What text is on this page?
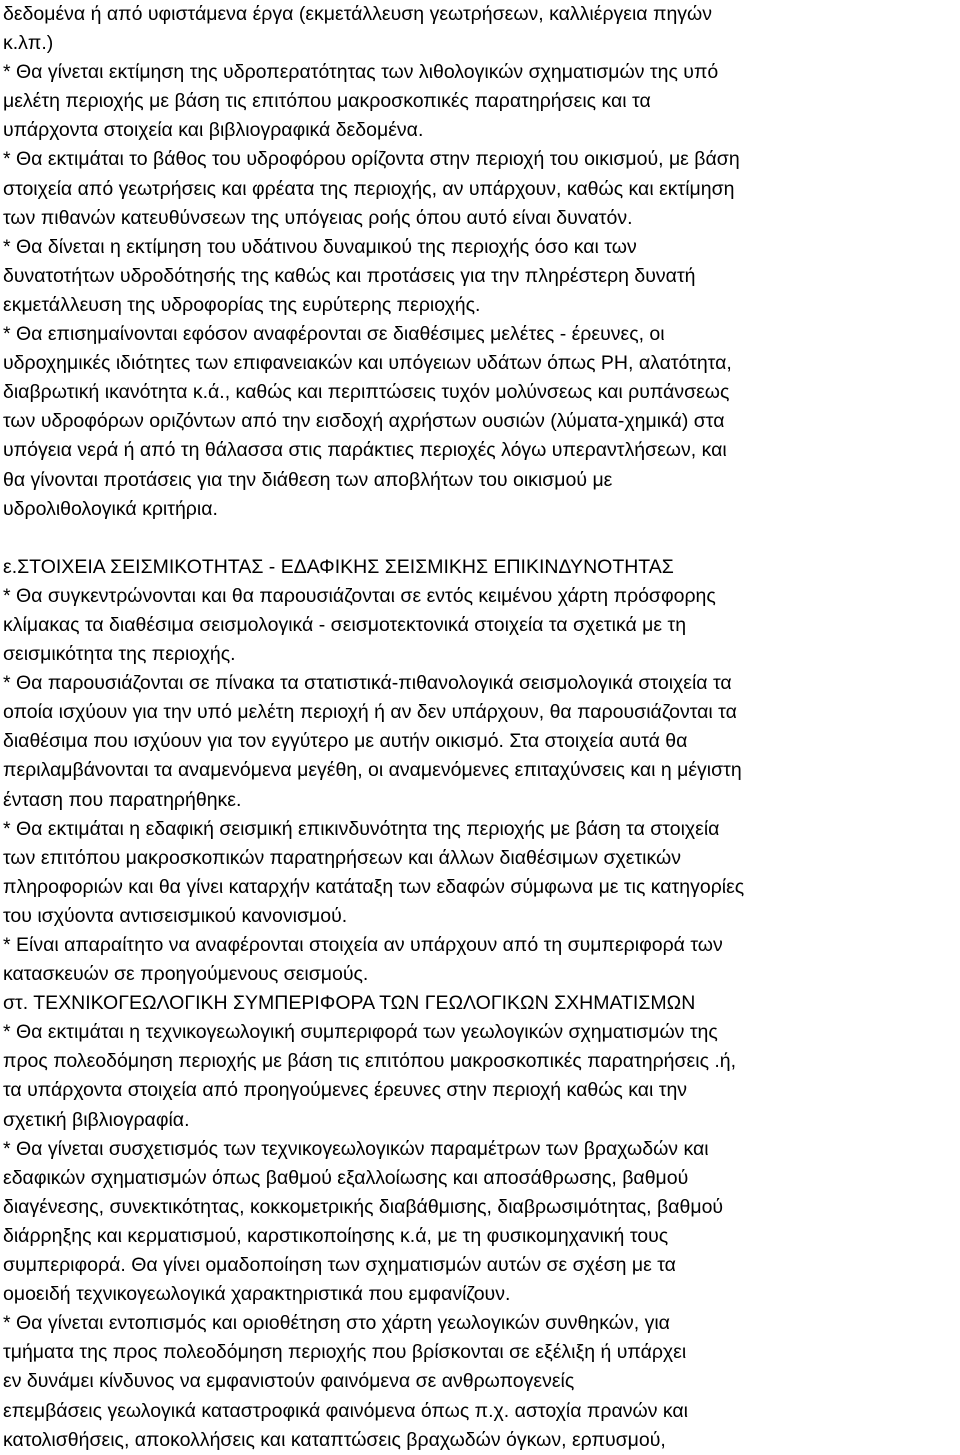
δεδομένα ή από υφιστάμενα έργα (εκμετάλλευση γεωτρήσεων, καλλιέργεια πηγών
κ.λπ.)
* Θα γίνεται εκτίμηση της υδροπερατότητας των λιθολογικών σχηματισμών της υπό
μελέτη περιοχής με βάση τις επιτόπου μακροσκοπικές παρατηρήσεις και τα
υπάρχοντα στοιχεία και βιβλιογραφικά δεδομένα.
* Θα εκτιμάται το βάθος του υδροφόρου ορίζοντα στην περιοχή του οικισμού, με βάση
στοιχεία από γεωτρήσεις και φρέατα της περιοχής, αν υπάρχουν, καθώς και εκτίμηση
των πιθανών κατευθύνσεων της υπόγειας ροής όπου αυτό είναι δυνατόν.
* Θα δίνεται η εκτίμηση του υδάτινου δυναμικού της περιοχής όσο και των
δυνατοτήτων υδροδότησής της καθώς και προτάσεις για την πληρέστερη δυνατή
εκμετάλλευση της υδροφορίας της ευρύτερης περιοχής.
* Θα επισημαίνονται εφόσον αναφέρονται σε διαθέσιμες μελέτες - έρευνες, οι
υδροχημικές ιδιότητες των επιφανειακών και υπόγειων υδάτων όπως PH, αλατότητα,
διαβρωτική ικανότητα κ.ά., καθώς και περιπτώσεις τυχόν μολύνσεως και ρυπάνσεως
των υδροφόρων οριζόντων από την εισδοχή αχρήστων ουσιών (λύματα-χημικά) στα
υπόγεια νερά ή από τη θάλασσα στις παράκτιες περιοχές λόγω υπεραντλήσεων, και
θα γίνονται προτάσεις για την διάθεση των αποβλήτων του οικισμού με
υδρολιθολογικά κριτήρια.
ε.ΣΤΟΙΧΕΙΑ ΣΕΙΣΜΙΚΟΤΗΤΑΣ - ΕΔΑΦΙΚΗΣ ΣΕΙΣΜΙΚΗΣ ΕΠΙΚΙΝΔΥΝΟΤΗΤΑΣ
* Θα συγκεντρώνονται και θα παρουσιάζονται σε εντός κειμένου χάρτη πρόσφορης
κλίμακας τα διαθέσιμα σεισμολογικά - σεισμοτεκτονικά στοιχεία τα σχετικά με τη
σεισμικότητα της περιοχής.
* Θα παρουσιάζονται σε πίνακα τα στατιστικά-πιθανολογικά σεισμολογικά στοιχεία τα
οποία ισχύουν για την υπό μελέτη περιοχή ή αν δεν υπάρχουν, θα παρουσιάζονται τα
διαθέσιμα που ισχύουν για τον εγγύτερο με αυτήν οικισμό. Στα στοιχεία αυτά θα
περιλαμβάνονται τα αναμενόμενα μεγέθη, οι αναμενόμενες επιταχύνσεις και η μέγιστη
ένταση που παρατηρήθηκε.
* Θα εκτιμάται η εδαφική σεισμική επικινδυνότητα της περιοχής με βάση τα στοιχεία
των επιτόπου μακροσκοπικών παρατηρήσεων και άλλων διαθέσιμων σχετικών
πληροφοριών και θα γίνει καταρχήν κατάταξη των εδαφών σύμφωνα με τις κατηγορίες
του ισχύοντα αντισεισμικού κανονισμού.
* Είναι απαραίτητο να αναφέρονται στοιχεία αν υπάρχουν από τη συμπεριφορά των
κατασκευών σε προηγούμενους σεισμούς.
στ. ΤΕΧΝΙΚΟΓΕΩΛΟΓΙΚΗ ΣΥΜΠΕΡΙΦΟΡΑ ΤΩΝ ΓΕΩΛΟΓΙΚΩΝ ΣΧΗΜΑΤΙΣΜΩΝ
* Θα εκτιμάται η τεχνικογεωλογική συμπεριφορά των γεωλογικών σχηματισμών της
προς πολεοδόμηση περιοχής με βάση τις επιτόπου μακροσκοπικές παρατηρήσεις .ή,
τα υπάρχοντα στοιχεία από προηγούμενες έρευνες στην περιοχή καθώς και την
σχετική βιβλιογραφία.
* Θα γίνεται συσχετισμός των τεχνικογεωλογικών παραμέτρων των βραχωδών και
εδαφικών σχηματισμών όπως βαθμού εξαλλοίωσης και αποσάθρωσης, βαθμού
διαγένεσης, συνεκτικότητας, κοκκομετρικής διαβάθμισης, διαβρωσιμότητας, βαθμού
διάρρηξης και κερματισμού, καρστικοποίησης κ.ά, με τη φυσικομηχανική τους
συμπεριφορά. Θα γίνει ομαδοποίηση των σχηματισμών αυτών σε σχέση με τα
ομοειδή τεχνικογεωλογικά χαρακτηριστικά που εμφανίζουν.
* Θα γίνεται εντοπισμός και οριοθέτηση στο χάρτη γεωλογικών συνθηκών, για
τμήματα της προς πολεοδόμηση περιοχής που βρίσκονται σε εξέλιξη ή υπάρχει
εν δυνάμει κίνδυνος να εμφανιστούν φαινόμενα σε ανθρωπογενείς
επεμβάσεις γεωλογικά καταστροφικά φαινόμενα όπως π.χ. αστοχία πρανών και
κατολισθήσεις, αποκολλήσεις και καταπτώσεις βραχωδών όγκων, ερπυσμού,
